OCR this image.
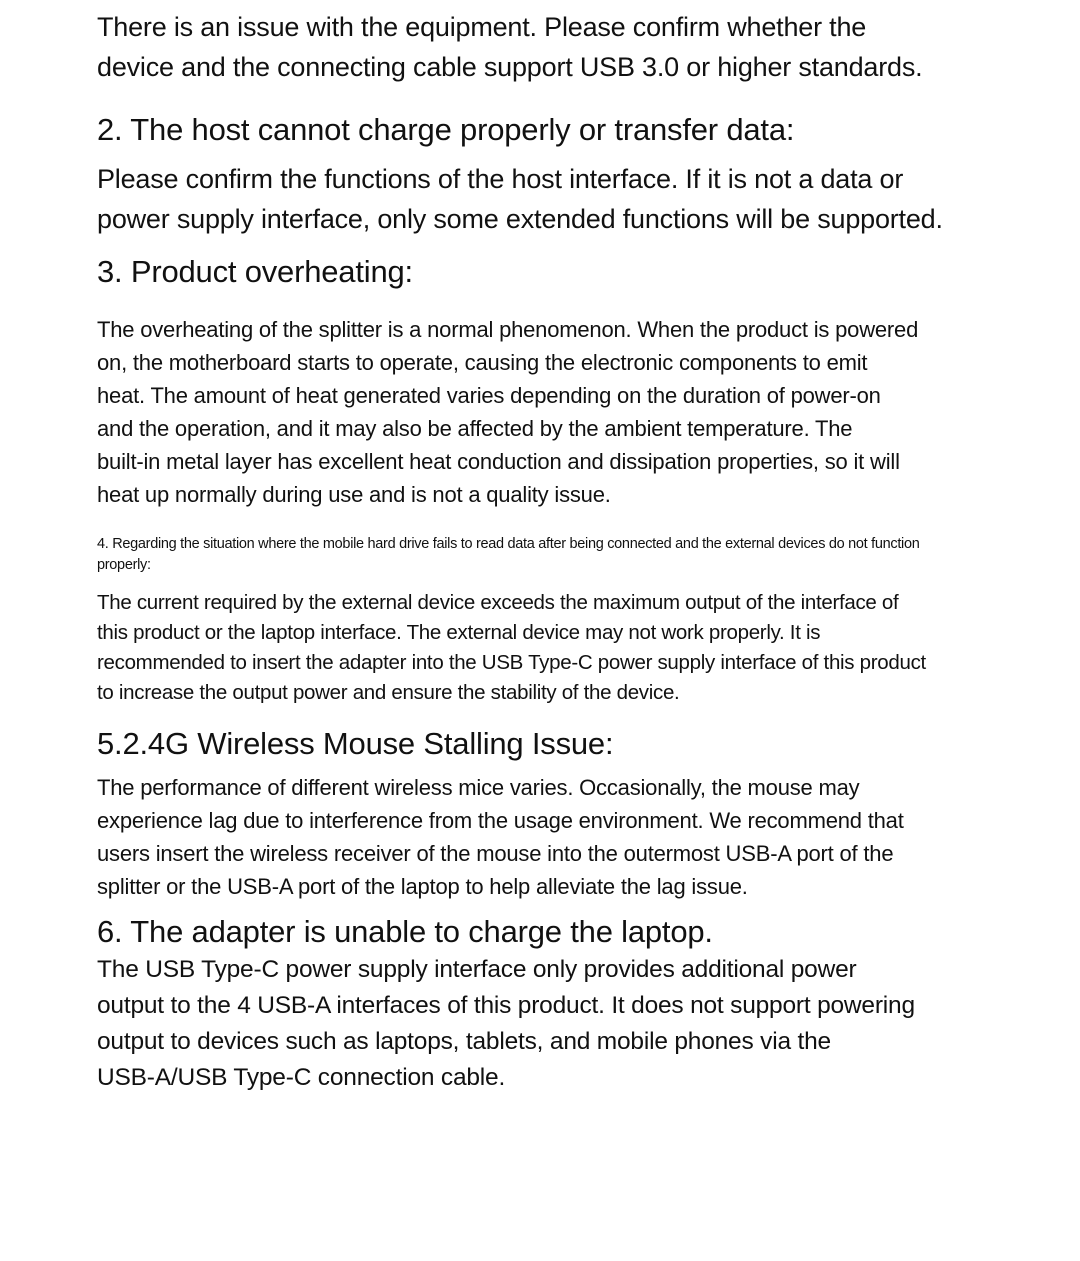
There is an issue with the equipment. Please confirm whether the
device and the connecting cable support USB 3.0 or higher standards.

2. The host cannot charge properly or transfer data:

Please confirm the functions of the host interface. If it is not a data or
power supply interface, only some extended functions will be supported.

3. Product overheating:

The overheating of the splitter is a normal phenomenon. When the product is powered
on, the motherboard starts to operate, causing the electronic components to emit
heat. The amount of heat generated varies depending on the duration of power-on
and the operation, and it may also be affected by the ambient temperature. The
built-in metal layer has excellent heat conduction and dissipation properties, so it will
heat up normally during use and is not a quality issue.

4. Regarding the situation where the mobile hard drive fails to read data after being connected and the external devices do not function
properly:

The current required by the external device exceeds the maximum output of the interface of
this product or the laptop interface. The external device may not work properly. It is
recommended to insert the adapter into the USB Type-C power supply interface of this product
to increase the output power and ensure the stability of the device.

5.2.4G Wireless Mouse Stalling Issue:

The performance of different wireless mice varies. Occasionally, the mouse may
experience lag due to interference from the usage environment. We recommend that
users insert the wireless receiver of the mouse into the outermost USB-A port of the
splitter or the USB-A port of the laptop to help alleviate the lag issue.

6. The adapter is unable to charge the laptop.

The USB Type-C power supply interface only provides additional power
output to the 4 USB-A interfaces of this product. It does not support powering
output to devices such as laptops, tablets, and mobile phones via the
USB-A/USB Type-C connection cable.
